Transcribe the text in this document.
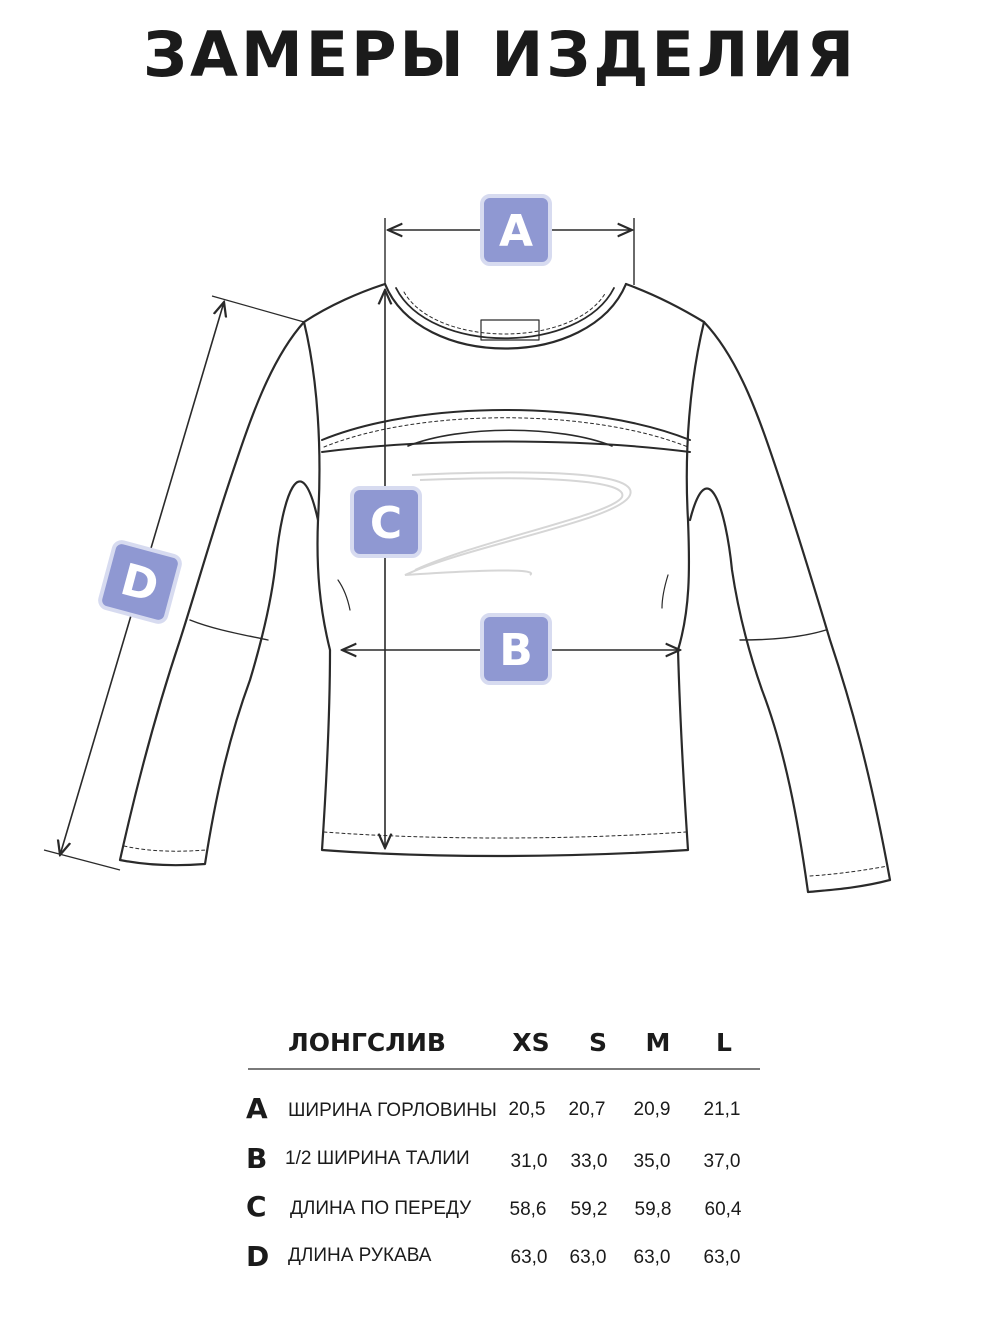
ЗАМЕРЫ ИЗДЕЛИЯ
A
C
B
D
ЛОНГСЛИВ	XS	S	M	L
A ШИРИНА ГОРЛОВИНЫ 20,5	20,7	20,9	21,1
B 1/2 ШИРИНА ТАЛИИ	31,0	33,0	35,0	37,0
C ДЛИНА ПО ПЕРЕДУ	58,6	59,2	59,8	60,4
D ДЛИНА РУКАВА	63,0	63,0	63,0	63,0
